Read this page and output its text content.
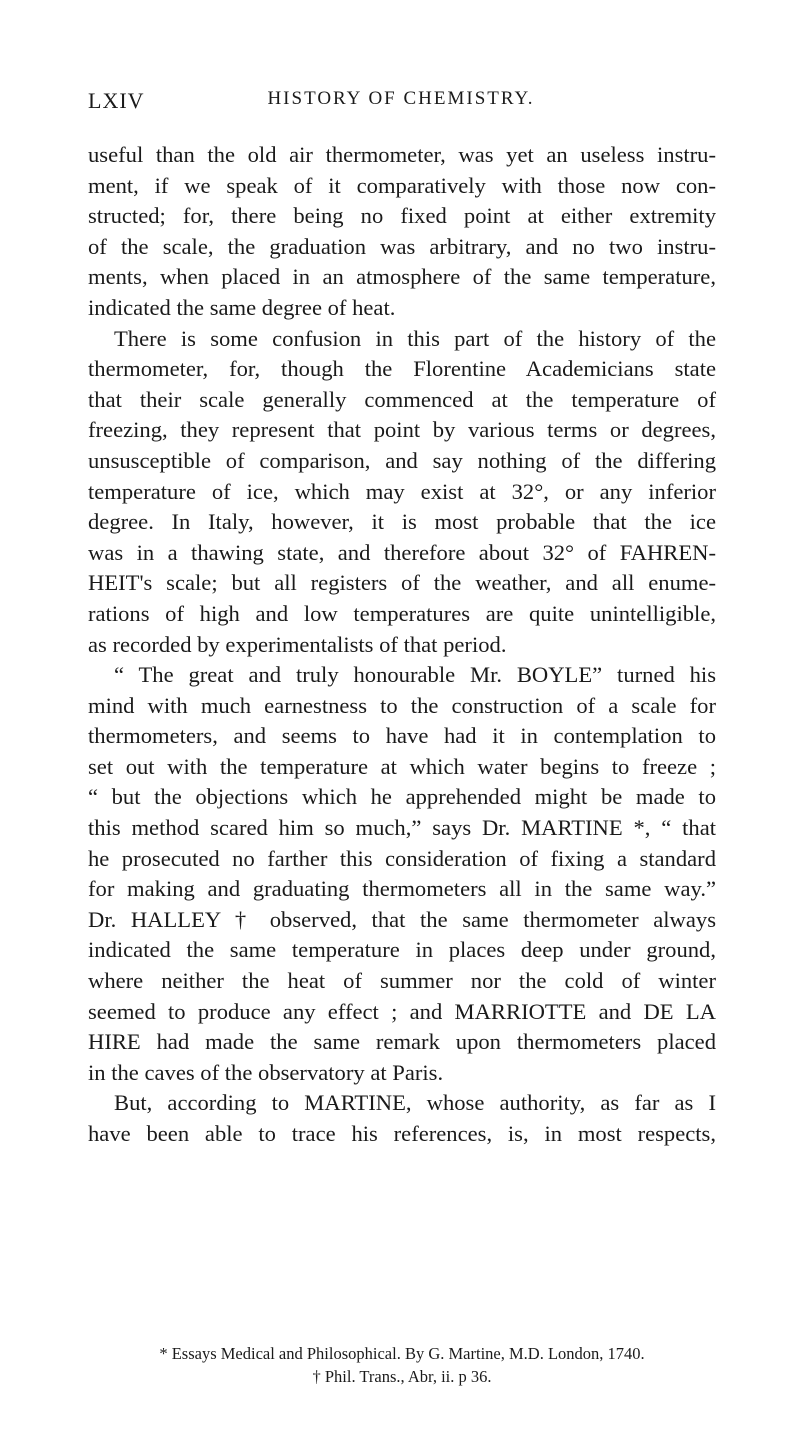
LXIV	HISTORY OF CHEMISTRY.
useful than the old air thermometer, was yet an useless instru-
ment, if we speak of it comparatively with those now con-
structed; for, there being no fixed point at either extremity
of the scale, the graduation was arbitrary, and no two instru-
ments, when placed in an atmosphere of the same temperature,
indicated the same degree of heat.
There is some confusion in this part of the history of the
thermometer, for, though the Florentine Academicians state
that their scale generally commenced at the temperature of
freezing, they represent that point by various terms or degrees,
unsusceptible of comparison, and say nothing of the differing
temperature of ice, which may exist at 32°, or any inferior
degree. In Italy, however, it is most probable that the ice
was in a thawing state, and therefore about 32° of FAHREN-
HEIT's scale; but all registers of the weather, and all enume-
rations of high and low temperatures are quite unintelligible,
as recorded by experimentalists of that period.
“ The great and truly honourable Mr. BOYLE” turned his
mind with much earnestness to the construction of a scale for
thermometers, and seems to have had it in contemplation to
set out with the temperature at which water begins to freeze ;
“ but the objections which he apprehended might be made to
this method scared him so much,” says Dr. MARTINE *, “ that
he prosecuted no farther this consideration of fixing a standard
for making and graduating thermometers all in the same way.”
Dr. HALLEY † observed, that the same thermometer always
indicated the same temperature in places deep under ground,
where neither the heat of summer nor the cold of winter
seemed to produce any effect ; and MARRIOTTE and DE LA
HIRE had made the same remark upon thermometers placed
in the caves of the observatory at Paris.
But, according to MARTINE, whose authority, as far as I
have been able to trace his references, is, in most respects,
* Essays Medical and Philosophical. By G. Martine, M.D. London, 1740.
† Phil. Trans., Abr, ii. p 36.
